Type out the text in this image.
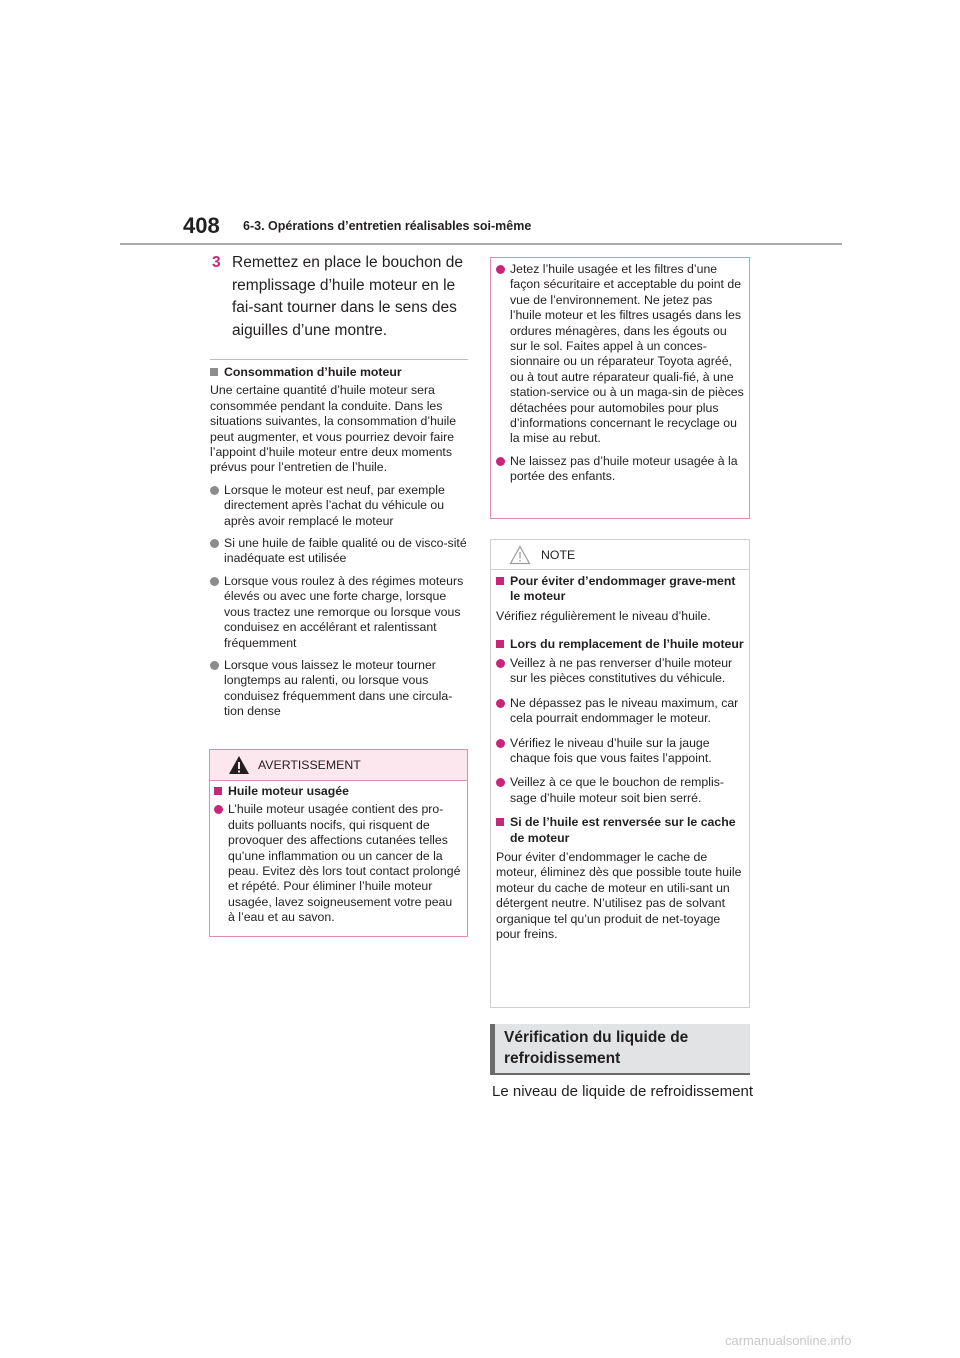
408 6-3. Opérations d’entretien réalisables soi-même
3 Remettez en place le bouchon de remplissage d’huile moteur en le fai-sant tourner dans le sens des aiguilles d’une montre.
Consommation d’huile moteur

Une certaine quantité d’huile moteur sera consommée pendant la conduite. Dans les situations suivantes, la consommation d’huile peut augmenter, et vous pourriez devoir faire l’appoint d’huile moteur entre deux moments prévus pour l’entretien de l’huile.

Lorsque le moteur est neuf, par exemple directement après l’achat du véhicule ou après avoir remplacé le moteur
Si une huile de faible qualité ou de visco-sité inadéquate est utilisée
Lorsque vous roulez à des régimes moteurs élevés ou avec une forte charge, lorsque vous tractez une remorque ou lorsque vous conduisez en accélérant et ralentissant fréquemment
Lorsque vous laissez le moteur tourner longtemps au ralenti, ou lorsque vous conduisez fréquemment dans une circula-tion dense
AVERTISSEMENT
Huile moteur usagée
L’huile moteur usagée contient des pro-duits polluants nocifs, qui risquent de provoquer des affections cutanées telles qu’une inflammation ou un cancer de la peau. Evitez dès lors tout contact prolongé et répété. Pour éliminer l’huile moteur usagée, lavez soigneusement votre peau à l’eau et au savon.
Jetez l’huile usagée et les filtres d’une façon sécuritaire et acceptable du point de vue de l’environnement. Ne jetez pas l’huile moteur et les filtres usagés dans les ordures ménagères, dans les égouts ou sur le sol. Faites appel à un conces-sionnaire ou un réparateur Toyota agréé, ou à tout autre réparateur quali-fié, à une station-service ou à un maga-sin de pièces détachées pour automobiles pour plus d’informations concernant le recyclage ou la mise au rebut.
Ne laissez pas d’huile moteur usagée à la portée des enfants.
NOTE
Pour éviter d’endommager grave-ment le moteur

Vérifiez régulièrement le niveau d’huile.

Lors du remplacement de l’huile moteur
Veillez à ne pas renverser d’huile moteur sur les pièces constitutives du véhicule.
Ne dépassez pas le niveau maximum, car cela pourrait endommager le moteur.
Vérifiez le niveau d’huile sur la jauge chaque fois que vous faites l’appoint.
Veillez à ce que le bouchon de remplis-sage d’huile moteur soit bien serré.
Si de l’huile est renversée sur le cache de moteur

Pour éviter d’endommager le cache de moteur, éliminez dès que possible toute huile moteur du cache de moteur en utili-sant un détergent neutre. N’utilisez pas de solvant organique tel qu’un produit de net-toyage pour freins.

Vérification du liquide de refroidissement
Le niveau de liquide de refroidissement
carmanualsonline.info
